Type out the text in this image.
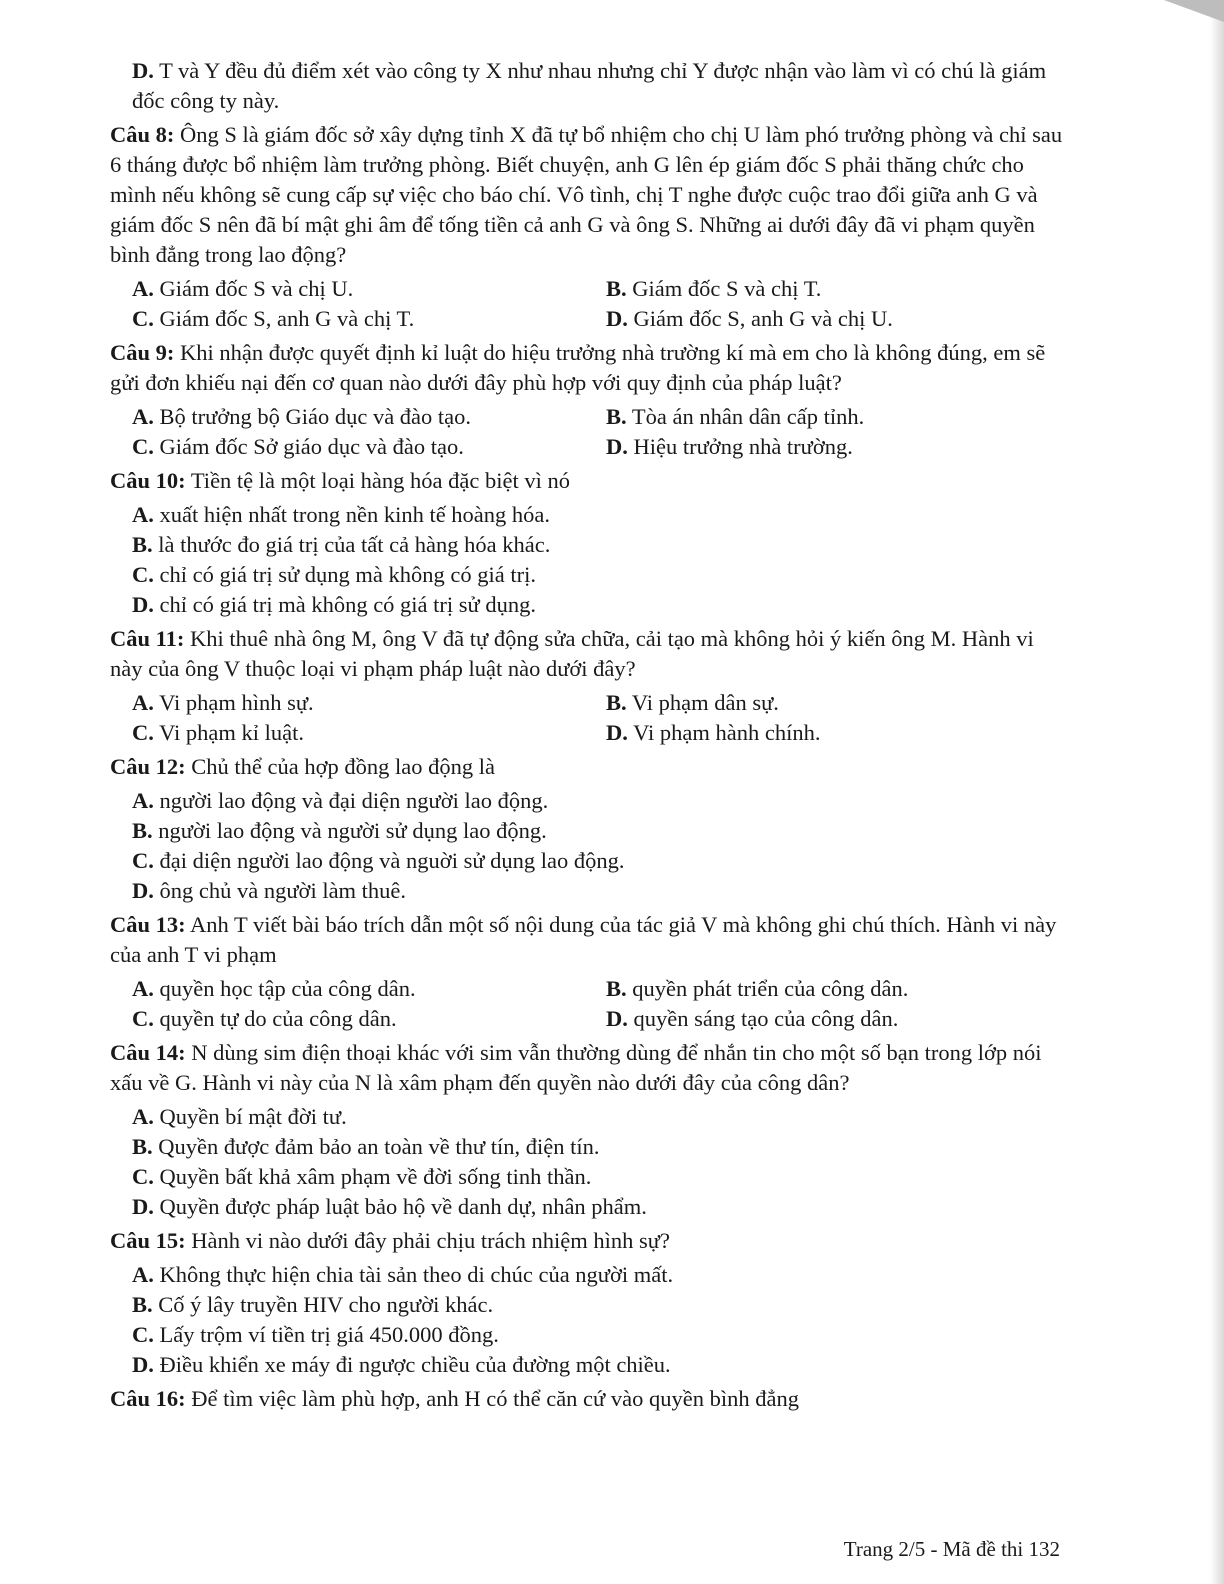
D. T và Y đều đủ điểm xét vào công ty X như nhau nhưng chỉ Y được nhận vào làm vì có chú là giám đốc công ty này.
Câu 8: Ông S là giám đốc sở xây dựng tỉnh X đã tự bổ nhiệm cho chị U làm phó trưởng phòng và chỉ sau 6 tháng được bổ nhiệm làm trưởng phòng. Biết chuyện, anh G lên ép giám đốc S phải thăng chức cho mình nếu không sẽ cung cấp sự việc cho báo chí. Vô tình, chị T nghe được cuộc trao đổi giữa anh G và giám đốc S nên đã bí mật ghi âm để tống tiền cả anh G và ông S. Những ai dưới đây đã vi phạm quyền bình đẳng trong lao động?
A. Giám đốc S và chị U.	B. Giám đốc S và chị T.
C. Giám đốc S, anh G và chị T.	D. Giám đốc S, anh G và chị U.
Câu 9: Khi nhận được quyết định kỉ luật do hiệu trưởng nhà trường kí mà em cho là không đúng, em sẽ gửi đơn khiếu nại đến cơ quan nào dưới đây phù hợp với quy định của pháp luật?
A. Bộ trưởng bộ Giáo dục và đào tạo.	B. Tòa án nhân dân cấp tỉnh.
C. Giám đốc Sở giáo dục và đào tạo.	D. Hiệu trưởng nhà trường.
Câu 10: Tiền tệ là một loại hàng hóa đặc biệt vì nó
A. xuất hiện nhất trong nền kinh tế hoàng hóa.
B. là thước đo giá trị của tất cả hàng hóa khác.
C. chỉ có giá trị sử dụng mà không có giá trị.
D. chỉ có giá trị mà không có giá trị sử dụng.
Câu 11: Khi thuê nhà ông M, ông V đã tự động sửa chữa, cải tạo mà không hỏi ý kiến ông M. Hành vi này của ông V thuộc loại vi phạm pháp luật nào dưới đây?
A. Vi phạm hình sự.	B. Vi phạm dân sự.
C. Vi phạm kỉ luật.	D. Vi phạm hành chính.
Câu 12: Chủ thể của hợp đồng lao động là
A. người lao động và đại diện người lao động.
B. người lao động và người sử dụng lao động.
C. đại diện người lao động và nguời sử dụng lao động.
D. ông chủ và người làm thuê.
Câu 13: Anh T viết bài báo trích dẫn một số nội dung của tác giả V mà không ghi chú thích. Hành vi này của anh T vi phạm
A. quyền học tập của công dân.	B. quyền phát triển của công dân.
C. quyền tự do của công dân.	D. quyền sáng tạo của công dân.
Câu 14: N dùng sim điện thoại khác với sim vẫn thường dùng để nhắn tin cho một số bạn trong lớp nói xấu về G. Hành vi này của N là xâm phạm đến quyền nào dưới đây của công dân?
A. Quyền bí mật đời tư.
B. Quyền được đảm bảo an toàn về thư tín, điện tín.
C. Quyền bất khả xâm phạm về đời sống tinh thần.
D. Quyền được pháp luật bảo hộ về danh dự, nhân phẩm.
Câu 15: Hành vi nào dưới đây phải chịu trách nhiệm hình sự?
A. Không thực hiện chia tài sản theo di chúc của người mất.
B. Cố ý lây truyền HIV cho người khác.
C. Lấy trộm ví tiền trị giá 450.000 đồng.
D. Điều khiển xe máy đi ngược chiều của đường một chiều.
Câu 16: Để tìm việc làm phù hợp, anh H có thể căn cứ vào quyền bình đẳng
Trang 2/5 - Mã đề thi 132
